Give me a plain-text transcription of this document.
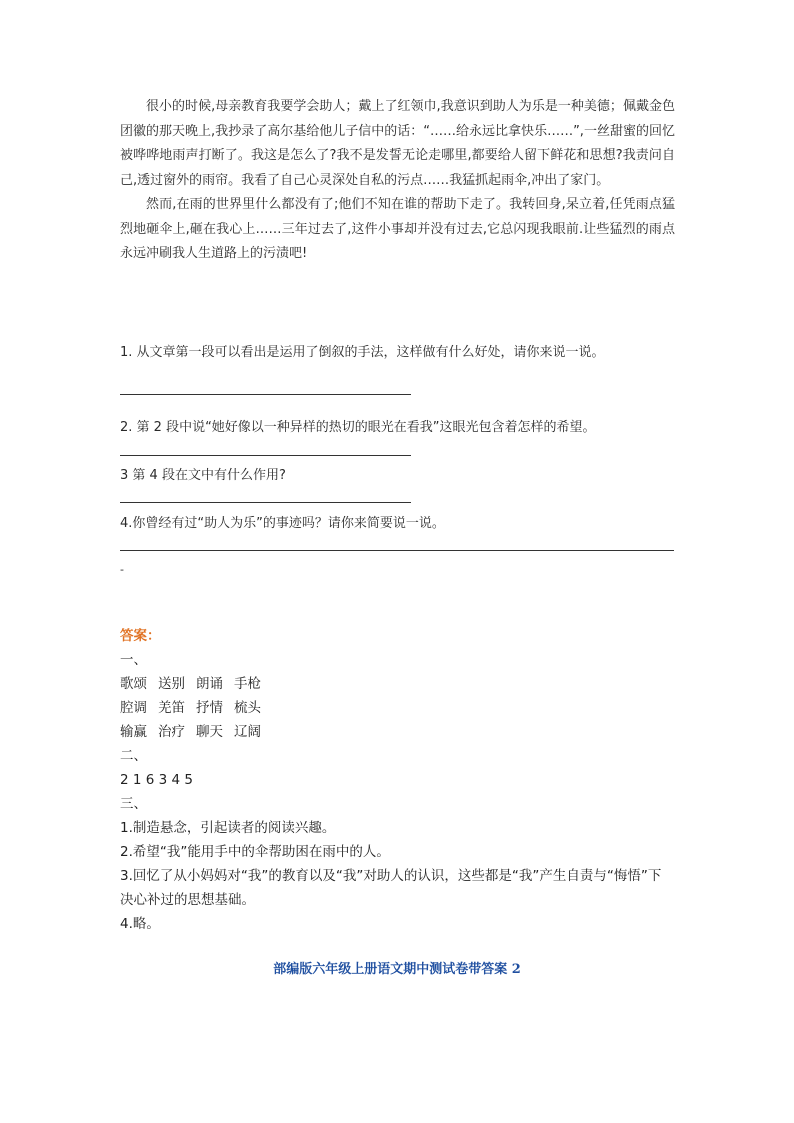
很小的时候,母亲教育我要学会助人；戴上了红领巾,我意识到助人为乐是一种美德；佩戴金色团徽的那天晚上,我抄录了高尔基给他儿子信中的话：“……给永远比拿快乐……”,一丝甜蜜的回忆被哗哗地雨声打断了。我这是怎么了?我不是发誓无论走哪里,都要给人留下鲜花和思想?我责问自己,透过窗外的雨帘。我看了自己心灵深处自私的污点……我猛抓起雨伞,冲出了家门。

然而,在雨的世界里什么都没有了;他们不知在谁的帮助下走了。我转回身,呆立着,任凭雨点猛烈地砸伞上,砸在我心上……三年过去了,这件小事却并没有过去,它总闪现我眼前.让些猛烈的雨点永远冲刷我人生道路上的污渍吧!

1. 从文章第一段可以看出是运用了倒叙的手法，这样做有什么好处，请你来说一说。
2. 第 2 段中说“她好像以一种异样的热切的眼光在看我”这眼光包含着怎样的希望。
3 第 4 段在文中有什么作用?
4.你曾经有过“助人为乐”的事迹吗？请你来简要说一说。
-
答案：
一、
歌颂 送别 朗诵 手枪
腔调 羌笛 抒情 梳头
输赢 治疗 聊天 辽阔
二、
2 1 6 3 4 5
三、
1.制造悬念，引起读者的阅读兴趣。
2.希望“我”能用手中的伞帮助困在雨中的人。
3.回忆了从小妈妈对“我”的教育以及“我”对助人的认识，这些都是“我”产生自责与“悔悟”下
决心补过的思想基础。
4.略。
部编版六年级上册语文期中测试卷带答案 2
